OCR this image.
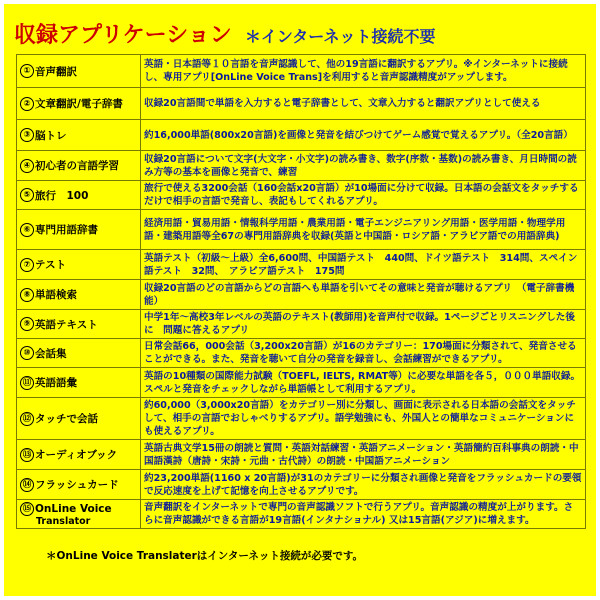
収録アプリケーション ＊インターネット接続不要
① 音声翻訳	英語・日本語等１０言語を音声認識して、他の19言語に翻訳するアプリ。※インターネットに接続し、専用アプリ[OnLine Voice Trans]を利用すると音声認識精度がアップします。
② 文章翻訳/電子辞書	収録20言語間で単語を入力すると電子辞書として、文章入力すると翻訳アプリとして使える
③ 脳トレ	約16,000単語(800x20言語)を画像と発音を結びつけてゲーム感覚で覚えるアプリ。（全20言語）
④ 初心者の言語学習	収録20言語について文字(大文字・小文字)の読み書き、数字(序数・基数)の読み書き、月日時間の読み方等の基本を画像と発音で、練習
⑤ 旅行　100	旅行で使える3200会話（160会話x20言語）が10場面に分けて収録。日本語の会話文をタッチするだけで相手の言語で発音し、表記もしてくれるアプリ。
⑥ 専門用語辞書	経済用語・貿易用語・情報科学用語・農業用語・電子エンジニアリング用語・医学用語・物理学用語・建築用語等全67の専門用語辞典を収録(英語と中国語・ロシア語・アラビア語での用語辞典)
⑦ テスト	英語テスト（初級～上級）全6,600問、中国語テスト　440問、ドイツ語テスト　314問、スペイン語テスト　32問、　アラビア語テスト　175問
⑧ 単語検索	収録20言語のどの言語からどの言語へも単語を引いてその意味と発音が聴けるアプリ　（電子辞書機能）
⑨ 英語テキスト	中学1年～高校3年レベルの英語のテキスト(教師用)を音声付で収録。1ページごとリスニングした後に　問題に答えるアプリ
⑩ 会話集	日常会話66，000会話（3,200x20言語）が16のカテゴリー：170場面に分類されて、発音させることができる。また、発音を聴いて自分の発音を録音し、会話練習ができるアプリ。
⑪ 英語語彙	英語の10種類の国際能力試験（TOEFL, IELTS, RMAT等）に必要な単語を各５，０００単語収録。スペルと発音をチェックしながら単語帳として利用するアプリ。
⑫ タッチで会話	約60,000（3,000x20言語）をカテゴリー別に分類し、画面に表示される日本語の会話文をタッチして、相手の言語でおしゃべりするアプリ。語学勉強にも、外国人との簡単なコミュニケーションにも使えるアプリ。
⑬ オーディオブック	英語古典文学15冊の朗読と質問・英語対話練習・英語アニメーション・英語簡約百科事典の朗読・中国語漢詩（唐詩・宋詩・元曲・古代詩）の朗読・中国語アニメーション
⑭ フラッシュカード	約23,200単語(1160 x 20言語)が31のカテゴリーに分類され画像と発音をフラッシュカードの要領で反応速度を上げて記憶を向上させるアプリです。
⑮ OnLine Voice
Translator	音声翻訳をインターネットで専門の音声認識ソフトで行うアプリ。音声認識の精度が上がります。さらに音声認識ができる言語が19言語(インタナショナル) 又は15言語(アジア)に増えます。
＊OnLine Voice Translaterはインターネット接続が必要です。
